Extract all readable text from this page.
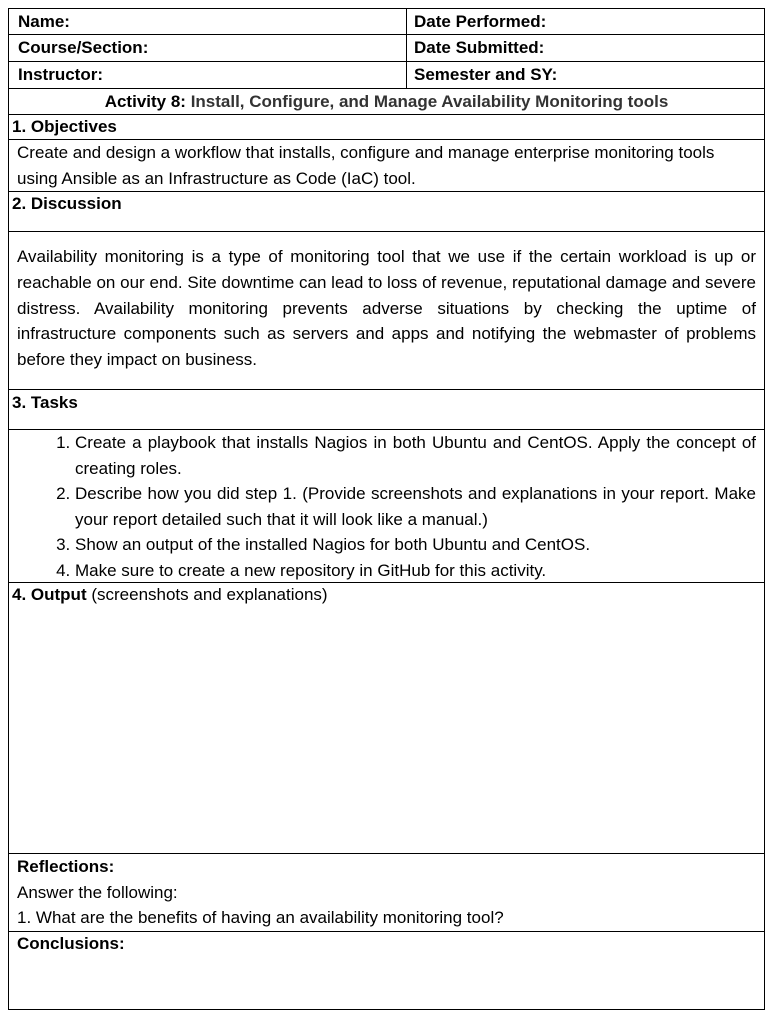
Name:	Date Performed:
Course/Section:	Date Submitted:
Instructor:	Semester and SY:
Activity 8: Install, Configure, and Manage Availability Monitoring tools
1. Objectives
Create and design a workflow that installs, configure and manage enterprise monitoring tools using Ansible as an Infrastructure as Code (IaC) tool.
2. Discussion
Availability monitoring is a type of monitoring tool that we use if the certain workload is up or reachable on our end. Site downtime can lead to loss of revenue, reputational damage and severe distress. Availability monitoring prevents adverse situations by checking the uptime of infrastructure components such as servers and apps and notifying the webmaster of problems before they impact on business.
3. Tasks
1. Create a playbook that installs Nagios in both Ubuntu and CentOS. Apply the concept of creating roles.
2. Describe how you did step 1. (Provide screenshots and explanations in your report. Make your report detailed such that it will look like a manual.)
3. Show an output of the installed Nagios for both Ubuntu and CentOS.
4. Make sure to create a new repository in GitHub for this activity.
4. Output (screenshots and explanations)
Reflections:
Answer the following:
1. What are the benefits of having an availability monitoring tool?
Conclusions:
